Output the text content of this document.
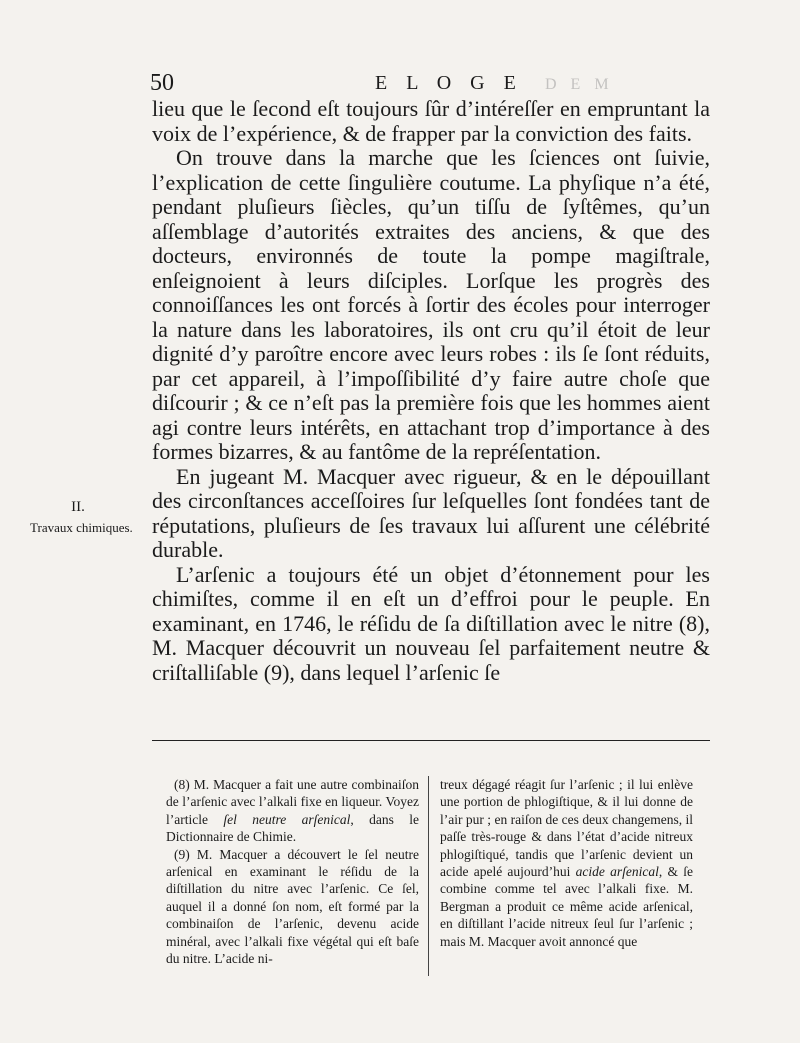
50	E L O G E D E M
II.
Travaux chimiques.

lieu que le ſecond eſt toujours ſûr d’intéreſſer en empruntant la voix de l’expérience, & de frapper par la conviction des faits.

On trouve dans la marche que les ſciences ont ſuivie, l’explication de cette ſingulière coutume. La phyſique n’a été, pendant pluſieurs ſiècles, qu’un tiſſu de ſyſtêmes, qu’un aſſemblage d’autorités extraites des anciens, & que des docteurs, environnés de toute la pompe magiſtrale, enſeignoient à leurs diſciples. Lorſque les progrès des connoiſſances les ont forcés à ſortir des écoles pour interroger la nature dans les laboratoires, ils ont cru qu’il étoit de leur dignité d’y paroître encore avec leurs robes : ils ſe ſont réduits, par cet appareil, à l’impoſſibilité d’y faire autre choſe que diſcourir ; & ce n’eſt pas la première fois que les hommes aient agi contre leurs intérêts, en attachant trop d’importance à des formes bizarres, & au fantôme de la repréſentation.

En jugeant M. Macquer avec rigueur, & en le dépouillant des circonſtances acceſſoires ſur leſquelles ſont fondées tant de réputations, pluſieurs de ſes travaux lui aſſurent une célébrité durable.

L’arſenic a toujours été un objet d’étonnement pour les chimiſtes, comme il en eſt un d’effroi pour le peuple. En examinant, en 1746, le réſidu de ſa diſtillation avec le nitre (8), M. Macquer découvrit un nouveau ſel parfaitement neutre & criſtalliſable (9), dans lequel l’arſenic ſe

(8) M. Macquer a fait une autre combinaiſon de l’arſenic avec l’alkali fixe en liqueur. Voyez l’article ſel neutre arſenical, dans le Dictionnaire de Chimie.

(9) M. Macquer a découvert le ſel neutre arſenical en examinant le réſidu de la diſtillation du nitre avec l’arſenic. Ce ſel, auquel il a donné ſon nom, eſt formé par la combinaiſon de l’arſenic, devenu acide minéral, avec l’alkali fixe végétal qui eſt baſe du nitre. L’acide ni-

treux dégagé réagit ſur l’arſenic ; il lui enlève une portion de phlogiſtique, & il lui donne de l’air pur ; en raiſon de ces deux changemens, il paſſe très-rouge & dans l’état d’acide nitreux phlogiſtiqué, tandis que l’arſenic devient un acide apelé aujourd’hui acide arſenical, & ſe combine comme tel avec l’alkali fixe. M. Bergman a produit ce même acide arſenical, en diſtillant l’acide nitreux ſeul ſur l’arſenic ; mais M. Macquer avoit annoncé que
